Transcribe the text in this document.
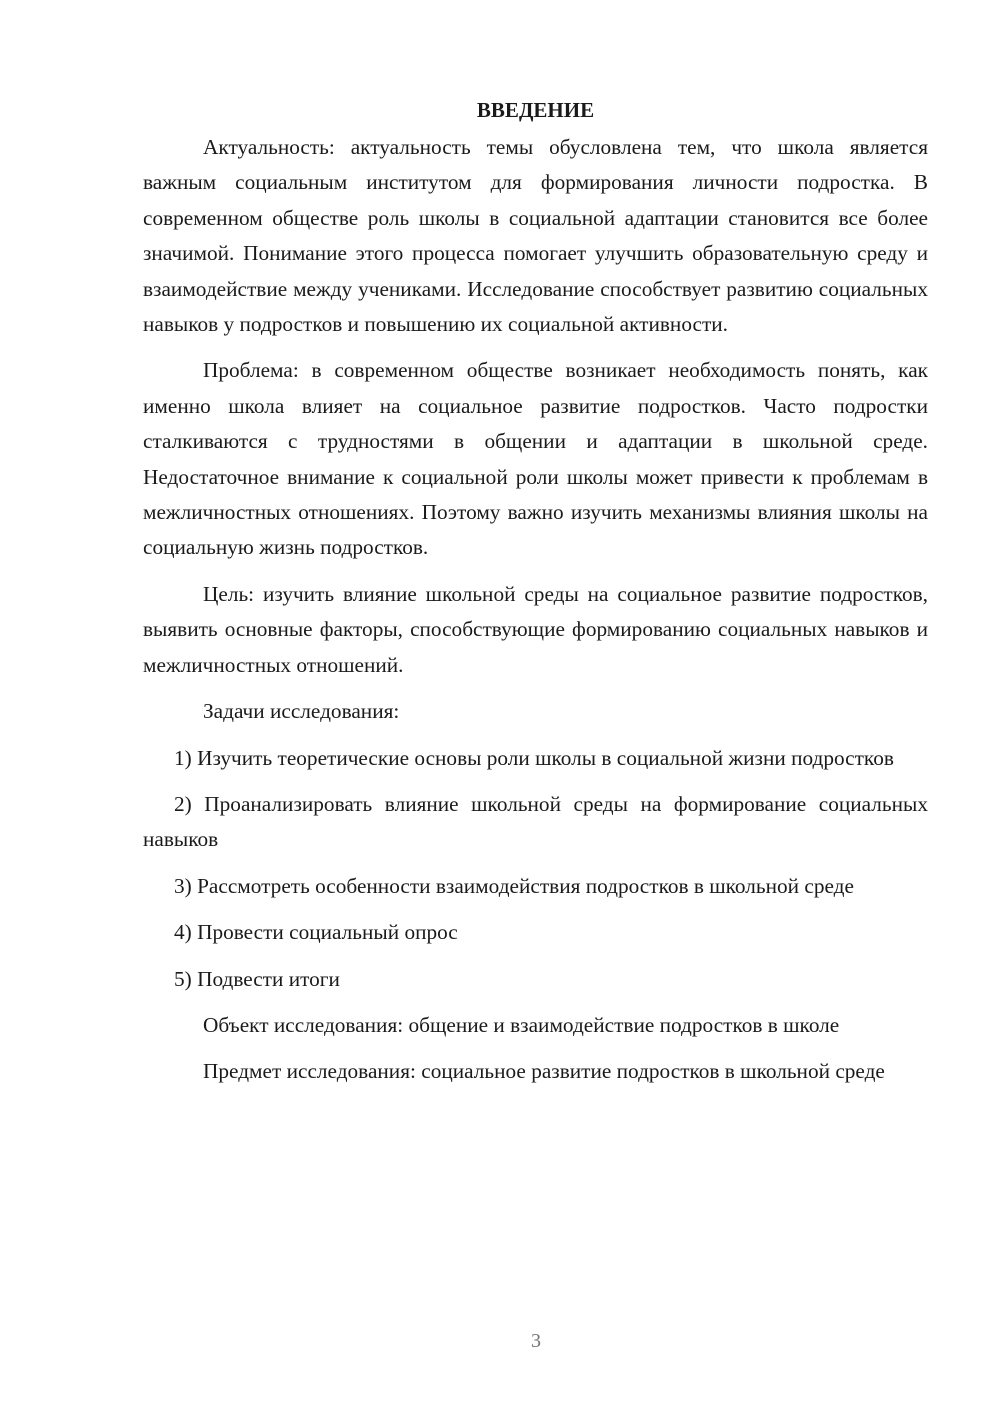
ВВЕДЕНИЕ

Актуальность: актуальность темы обусловлена тем, что школа является важным социальным институтом для формирования личности подростка. В современном обществе роль школы в социальной адаптации становится все более значимой. Понимание этого процесса помогает улучшить образовательную среду и взаимодействие между учениками. Исследование способствует развитию социальных навыков у подростков и повышению их социальной активности.

Проблема: в современном обществе возникает необходимость понять, как именно школа влияет на социальное развитие подростков. Часто подростки сталкиваются с трудностями в общении и адаптации в школьной среде. Недостаточное внимание к социальной роли школы может привести к проблемам в межличностных отношениях. Поэтому важно изучить механизмы влияния школы на социальную жизнь подростков.

Цель: изучить влияние школьной среды на социальное развитие подростков, выявить основные факторы, способствующие формированию социальных навыков и межличностных отношений.

Задачи исследования:

1) Изучить теоретические основы роли школы в социальной жизни подростков

2) Проанализировать влияние школьной среды на формирование социальных навыков

3) Рассмотреть особенности взаимодействия подростков в школьной среде

4) Провести социальный опрос

5) Подвести итоги

Объект исследования: общение и взаимодействие подростков в школе

Предмет исследования: социальное развитие подростков в школьной среде

3
